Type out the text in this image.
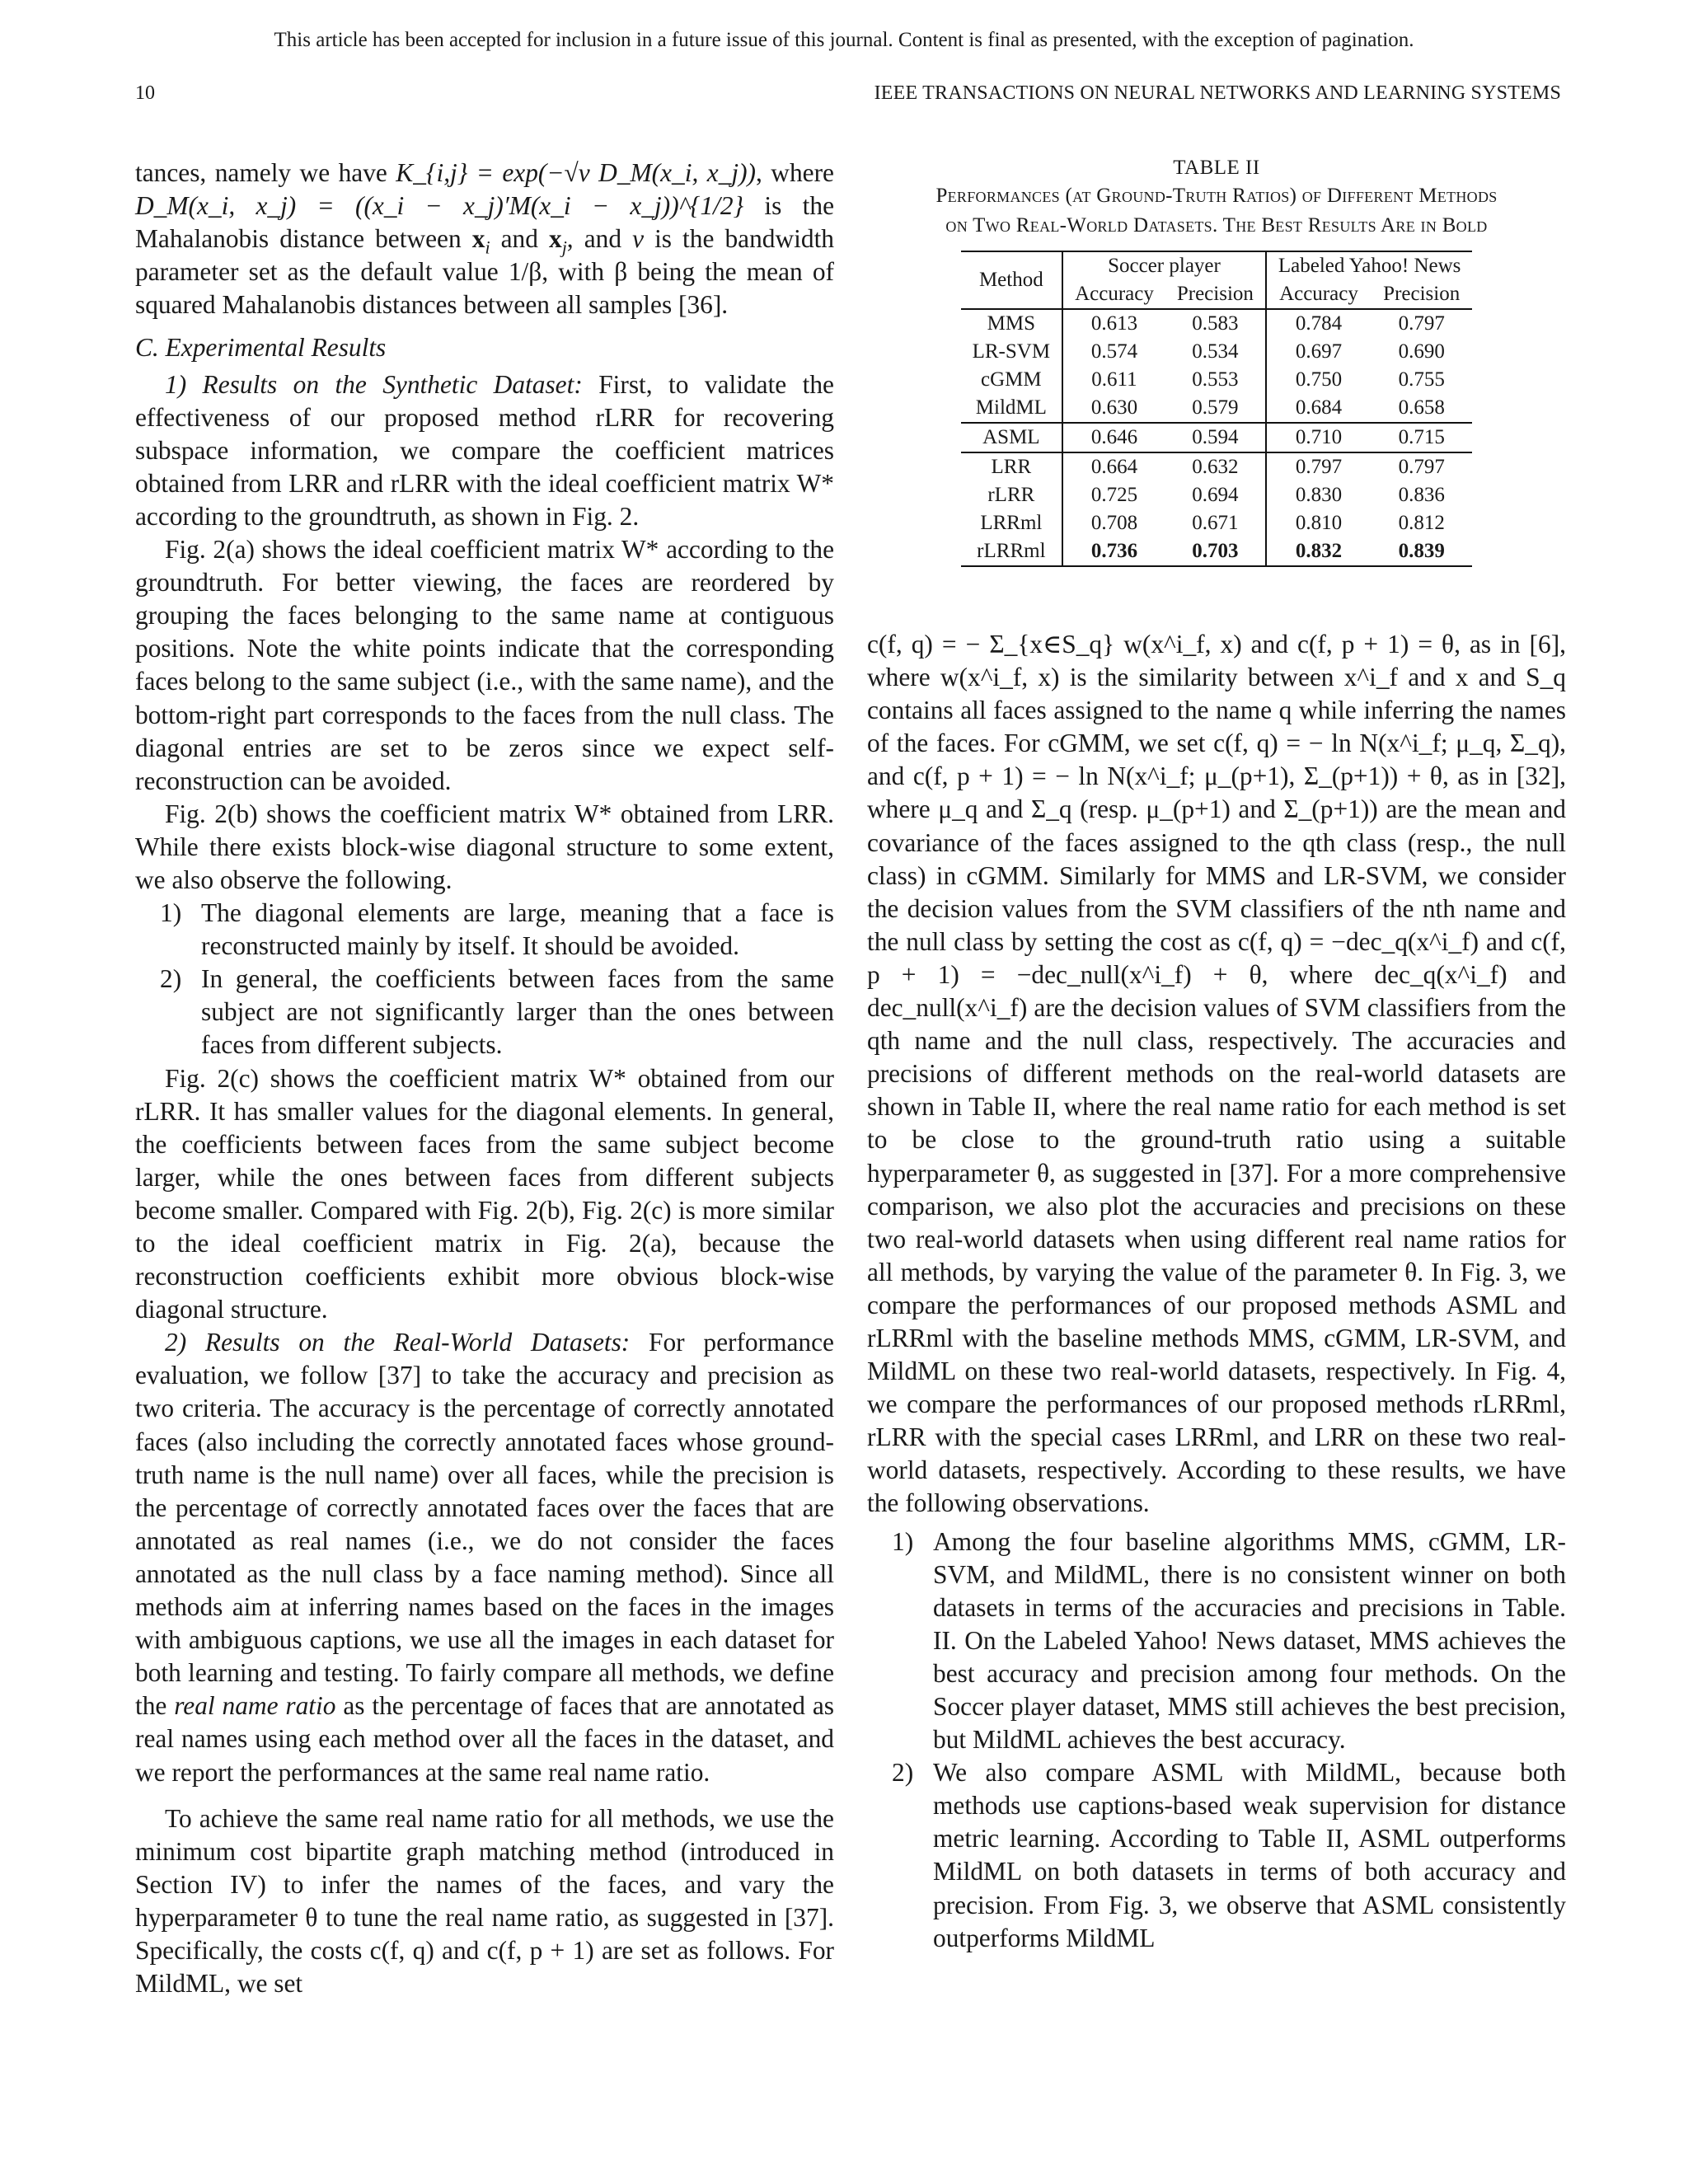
This article has been accepted for inclusion in a future issue of this journal. Content is final as presented, with the exception of pagination.
10	IEEE TRANSACTIONS ON NEURAL NETWORKS AND LEARNING SYSTEMS

tances, namely we have K_{i,j} = exp(−√ν D_M(x_i, x_j)), where D_M(x_i, x_j) = ((x_i − x_j)′M(x_i − x_j))^{1/2} is the Mahalanobis distance between $x_i$ and $x_j$, and ν is the bandwidth parameter set as the default value 1/β, with β being the mean of squared Mahalanobis distances between all samples [36].

C. Experimental Results

1) Results on the Synthetic Dataset: First, to validate the effectiveness of our proposed method rLRR for recovering subspace information, we compare the coefficient matrices obtained from LRR and rLRR with the ideal coefficient matrix W* according to the groundtruth, as shown in Fig. 2.

Fig. 2(a) shows the ideal coefficient matrix W* according to the groundtruth. For better viewing, the faces are reordered by grouping the faces belonging to the same name at contiguous positions. Note the white points indicate that the corresponding faces belong to the same subject (i.e., with the same name), and the bottom-right part corresponds to the faces from the null class. The diagonal entries are set to be zeros since we expect self-reconstruction can be avoided.

Fig. 2(b) shows the coefficient matrix W* obtained from LRR. While there exists block-wise diagonal structure to some extent, we also observe the following.

1) The diagonal elements are large, meaning that a face is reconstructed mainly by itself. It should be avoided.
2) In general, the coefficients between faces from the same subject are not significantly larger than the ones between faces from different subjects.

Fig. 2(c) shows the coefficient matrix W* obtained from our rLRR. It has smaller values for the diagonal elements. In general, the coefficients between faces from the same subject become larger, while the ones between faces from different subjects become smaller. Compared with Fig. 2(b), Fig. 2(c) is more similar to the ideal coefficient matrix in Fig. 2(a), because the reconstruction coefficients exhibit more obvious block-wise diagonal structure.

2) Results on the Real-World Datasets: For performance evaluation, we follow [37] to take the accuracy and precision as two criteria. The accuracy is the percentage of correctly annotated faces (also including the correctly annotated faces whose ground-truth name is the null name) over all faces, while the precision is the percentage of correctly annotated faces over the faces that are annotated as real names (i.e., we do not consider the faces annotated as the null class by a face naming method). Since all methods aim at inferring names based on the faces in the images with ambiguous captions, we use all the images in each dataset for both learning and testing. To fairly compare all methods, we define the real name ratio as the percentage of faces that are annotated as real names using each method over all the faces in the dataset, and we report the performances at the same real name ratio.

To achieve the same real name ratio for all methods, we use the minimum cost bipartite graph matching method (introduced in Section IV) to infer the names of the faces, and vary the hyperparameter θ to tune the real name ratio, as suggested in [37]. Specifically, the costs c(f, q) and c(f, p + 1) are set as follows. For MildML, we set

TABLE II
Performances (at Ground-Truth Ratios) of Different Methods
on Two Real-World Datasets. The Best Results Are in Bold
Method	Soccer player		Labeled Yahoo! News	
	Accuracy	Precision	Accuracy	Precision
MMS	0.613	0.583	0.784	0.797
LR-SVM	0.574	0.534	0.697	0.690
cGMM	0.611	0.553	0.750	0.755
MildML	0.630	0.579	0.684	0.658
ASML	0.646	0.594	0.710	0.715
LRR	0.664	0.632	0.797	0.797
rLRR	0.725	0.694	0.830	0.836
LRRml	0.708	0.671	0.810	0.812
rLRRml	0.736	0.703	0.832	0.839

c(f, q) = − Σ_{x∈S_q} w(x^i_f, x) and c(f, p + 1) = θ, as in [6], where w(x^i_f, x) is the similarity between x^i_f and x and S_q contains all faces assigned to the name q while inferring the names of the faces. For cGMM, we set c(f, q) = − ln N(x^i_f; μ_q, Σ_q), and c(f, p + 1) = − ln N(x^i_f; μ_(p+1), Σ_(p+1)) + θ, as in [32], where μ_q and Σ_q (resp. μ_(p+1) and Σ_(p+1)) are the mean and covariance of the faces assigned to the qth class (resp., the null class) in cGMM. Similarly for MMS and LR-SVM, we consider the decision values from the SVM classifiers of the nth name and the null class by setting the cost as c(f, q) = −dec_q(x^i_f) and c(f, p + 1) = −dec_null(x^i_f) + θ, where dec_q(x^i_f) and dec_null(x^i_f) are the decision values of SVM classifiers from the qth name and the null class, respectively. The accuracies and precisions of different methods on the real-world datasets are shown in Table II, where the real name ratio for each method is set to be close to the ground-truth ratio using a suitable hyperparameter θ, as suggested in [37]. For a more comprehensive comparison, we also plot the accuracies and precisions on these two real-world datasets when using different real name ratios for all methods, by varying the value of the parameter θ. In Fig. 3, we compare the performances of our proposed methods ASML and rLRRml with the baseline methods MMS, cGMM, LR-SVM, and MildML on these two real-world datasets, respectively. In Fig. 4, we compare the performances of our proposed methods rLRRml, rLRR with the special cases LRRml, and LRR on these two real-world datasets, respectively. According to these results, we have the following observations.

1) Among the four baseline algorithms MMS, cGMM, LR-SVM, and MildML, there is no consistent winner on both datasets in terms of the accuracies and precisions in Table. II. On the Labeled Yahoo! News dataset, MMS achieves the best accuracy and precision among four methods. On the Soccer player dataset, MMS still achieves the best precision, but MildML achieves the best accuracy.
2) We also compare ASML with MildML, because both methods use captions-based weak supervision for distance metric learning. According to Table II, ASML outperforms MildML on both datasets in terms of both accuracy and precision. From Fig. 3, we observe that ASML consistently outperforms MildML
